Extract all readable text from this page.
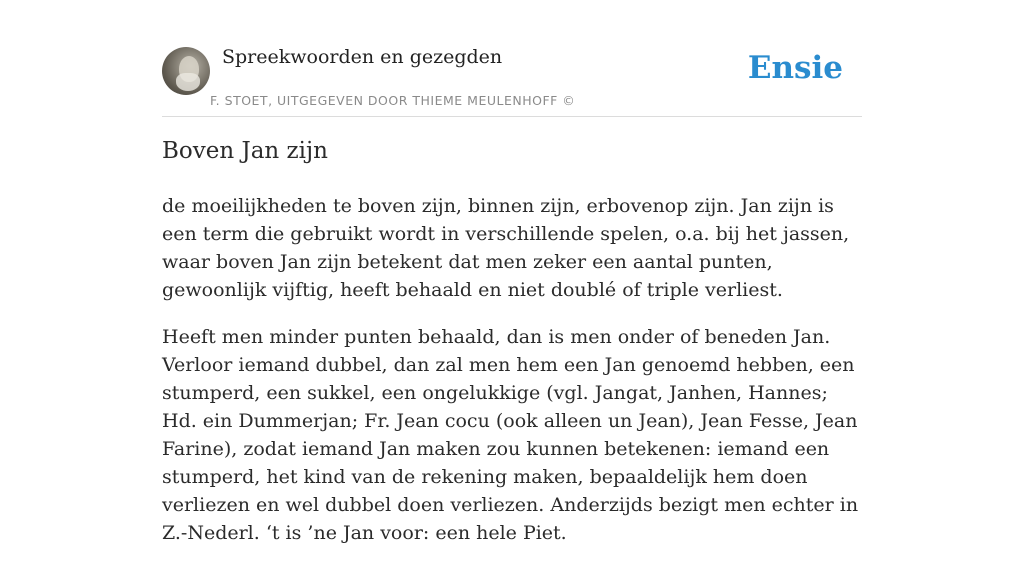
Spreekwoorden en gezegden
F. STOET, UITGEGEVEN DOOR THIEME MEULENHOFF ©
Ensie
Boven Jan zijn

de moeilijkheden te boven zijn, binnen zijn, erbovenop zijn. Jan zijn is een term die gebruikt wordt in verschillende spelen, o.a. bij het jassen, waar boven Jan zijn betekent dat men zeker een aantal punten, gewoonlijk vijftig, heeft behaald en niet doublé of triple verliest.

Heeft men minder punten behaald, dan is men onder of beneden Jan. Verloor iemand dubbel, dan zal men hem een Jan genoemd hebben, een stumperd, een sukkel, een ongelukkige (vgl. Jangat, Janhen, Hannes; Hd. ein Dummerjan; Fr. Jean cocu (ook alleen un Jean), Jean Fesse, Jean Farine), zodat iemand Jan maken zou kunnen betekenen: iemand een stumperd, het kind van de rekening maken, bepaaldelijk hem doen verliezen en wel dubbel doen verliezen. Anderzijds bezigt men echter in Z.-Nederl. ‘t is ’ne Jan voor: een hele Piet.
